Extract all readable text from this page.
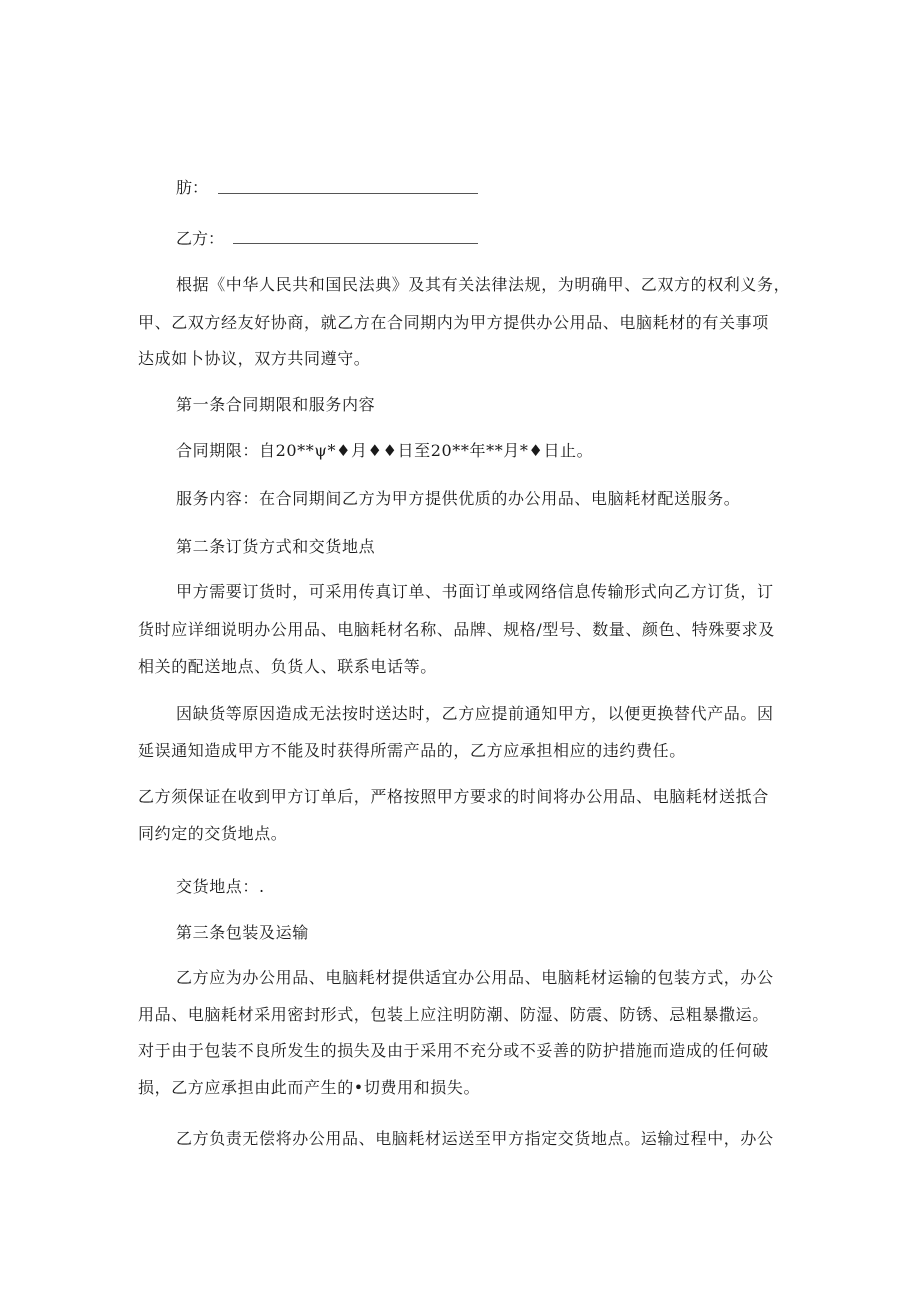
肪：
乙方：
根据《中华人民共和国民法典》及其有关法律法规，为明确甲、乙双方的权利义务，
甲、乙双方经友好协商，就乙方在合同期内为甲方提供办公用品、电脑耗材的有关事项
达成如卜协议，双方共同遵守。
第一条合同期限和服务内容
合同期限：自20**ψ*♦月♦♦日至20**年**月*♦日止。
服务内容：在合同期间乙方为甲方提供优质的办公用品、电脑耗材配送服务。
第二条订货方式和交货地点
甲方需要订货时，可采用传真订单、书面订单或网络信息传输形式向乙方订货，订
货时应详细说明办公用品、电脑耗材名称、品牌、规格/型号、数量、颜色、特殊要求及
相关的配送地点、负货人、联系电话等。
因缺货等原因造成无法按时送达时，乙方应提前通知甲方，以便更换替代产品。因
延误通知造成甲方不能及时获得所需产品的，乙方应承担相应的违约费任。
乙方须保证在收到甲方订单后，严格按照甲方要求的时间将办公用品、电脑耗材送抵合
同约定的交货地点。
交货地点：.
第三条包装及运输
乙方应为办公用品、电脑耗材提供适宜办公用品、电脑耗材运输的包装方式，办公
用品、电脑耗材采用密封形式，包装上应注明防潮、防湿、防震、防锈、忌粗暴撒运。
对于由于包装不良所发生的损失及由于采用不充分或不妥善的防护措施而造成的任何破
损，乙方应承担由此而产生的•切费用和损失。
乙方负责无偿将办公用品、电脑耗材运送至甲方指定交货地点。运输过程中，办公
